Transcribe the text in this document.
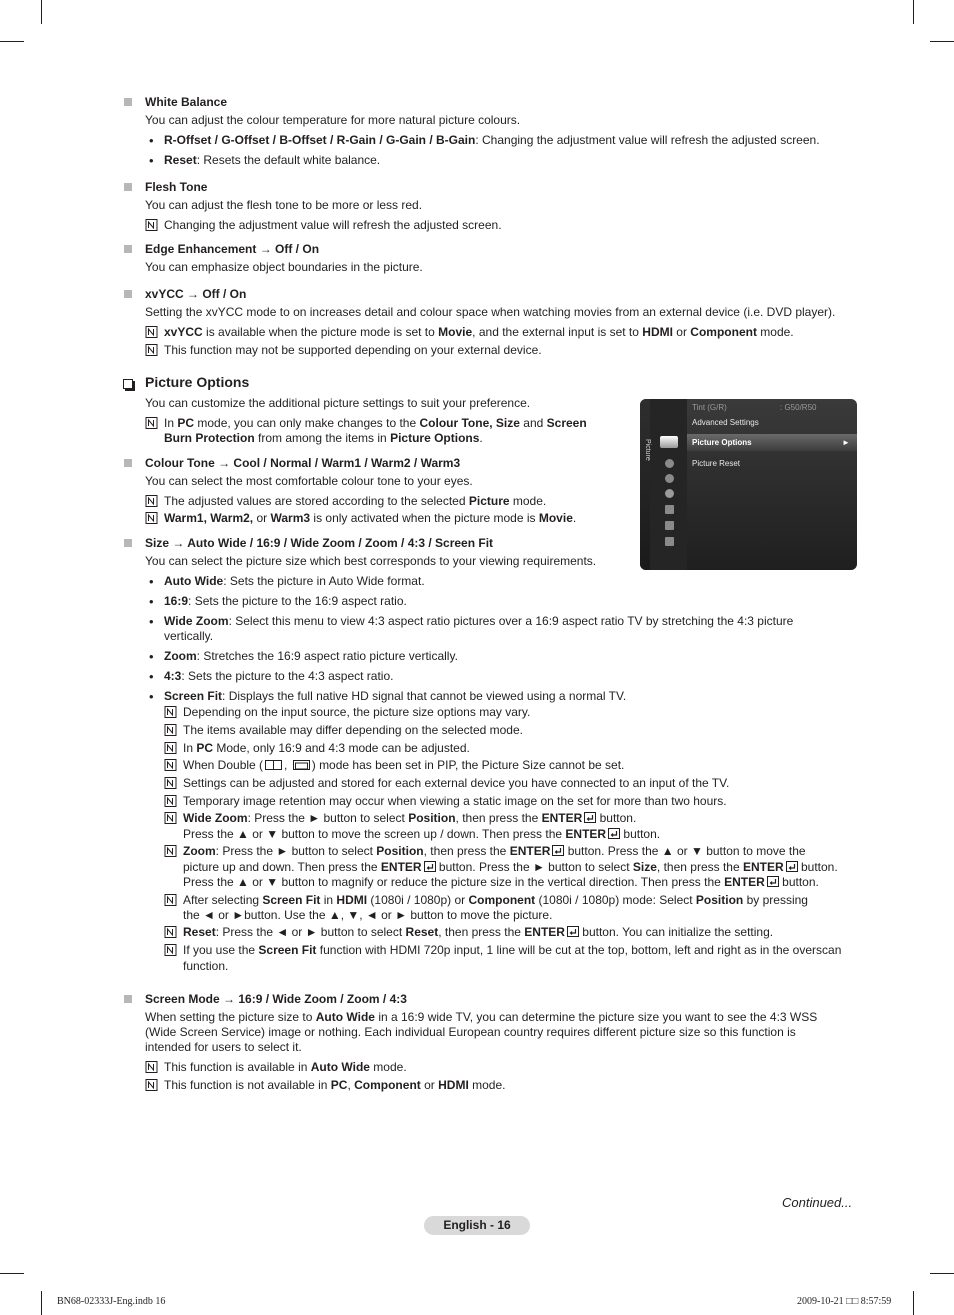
White Balance
You can adjust the colour temperature for more natural picture colours.
• R-Offset / G-Offset / B-Offset / R-Gain / G-Gain / B-Gain: Changing the adjustment value will refresh the adjusted screen.
• Reset: Resets the default white balance.
Flesh Tone
You can adjust the flesh tone to be more or less red.
Changing the adjustment value will refresh the adjusted screen.
Edge Enhancement → Off / On
You can emphasize object boundaries in the picture.
xvYCC → Off / On
Setting the xvYCC mode to on increases detail and colour space when watching movies from an external device (i.e. DVD player).
xvYCC is available when the picture mode is set to Movie, and the external input is set to HDMI or Component mode.
This function may not be supported depending on your external device.
Picture Options
You can customize the additional picture settings to suit your preference.
In PC mode, you can only make changes to the Colour Tone, Size and Screen
Burn Protection from among the items in Picture Options.
Picture
Tint (G/R)	: G50/R50
Advanced Settings
Picture Options	►
Picture Reset
Colour Tone → Cool / Normal / Warm1 / Warm2 / Warm3
You can select the most comfortable colour tone to your eyes.
The adjusted values are stored according to the selected Picture mode.
Warm1, Warm2, or Warm3 is only activated when the picture mode is Movie.
Size → Auto Wide / 16:9 / Wide Zoom / Zoom / 4:3 / Screen Fit
You can select the picture size which best corresponds to your viewing requirements.
• Auto Wide: Sets the picture in Auto Wide format.
• 16:9: Sets the picture to the 16:9 aspect ratio.
• Wide Zoom: Select this menu to view 4:3 aspect ratio pictures over a 16:9 aspect ratio TV by stretching the 4:3 picture
vertically.
• Zoom: Stretches the 16:9 aspect ratio picture vertically.
• 4:3: Sets the picture to the 4:3 aspect ratio.
• Screen Fit: Displays the full native HD signal that cannot be viewed using a normal TV.
Depending on the input source, the picture size options may vary.
The items available may differ depending on the selected mode.
In PC Mode, only 16:9 and 4:3 mode can be adjusted.
When Double ( , ) mode has been set in PIP, the Picture Size cannot be set.
Settings can be adjusted and stored for each external device you have connected to an input of the TV.
Temporary image retention may occur when viewing a static image on the set for more than two hours.
Wide Zoom: Press the ► button to select Position, then press the ENTER button.
Press the ▲ or ▼ button to move the screen up / down. Then press the ENTER button.
Zoom: Press the ► button to select Position, then press the ENTER button. Press the ▲ or ▼ button to move the
picture up and down. Then press the ENTER button. Press the ► button to select Size, then press the ENTER button.
Press the ▲ or ▼ button to magnify or reduce the picture size in the vertical direction. Then press the ENTER button.
After selecting Screen Fit in HDMI (1080i / 1080p) or Component (1080i / 1080p) mode: Select Position by pressing
the ◄ or ►button. Use the ▲, ▼, ◄ or ► button to move the picture.
Reset: Press the ◄ or ► button to select Reset, then press the ENTER button. You can initialize the setting.
If you use the Screen Fit function with HDMI 720p input, 1 line will be cut at the top, bottom, left and right as in the overscan
function.
Screen Mode → 16:9 / Wide Zoom / Zoom / 4:3
When setting the picture size to Auto Wide in a 16:9 wide TV, you can determine the picture size you want to see the 4:3 WSS
(Wide Screen Service) image or nothing. Each individual European country requires different picture size so this function is
intended for users to select it.
This function is available in Auto Wide mode.
This function is not available in PC, Component or HDMI mode.
Continued...
English - 16
BN68-02333J-Eng.indb 16	2009-10-21 □□ 8:57:59
